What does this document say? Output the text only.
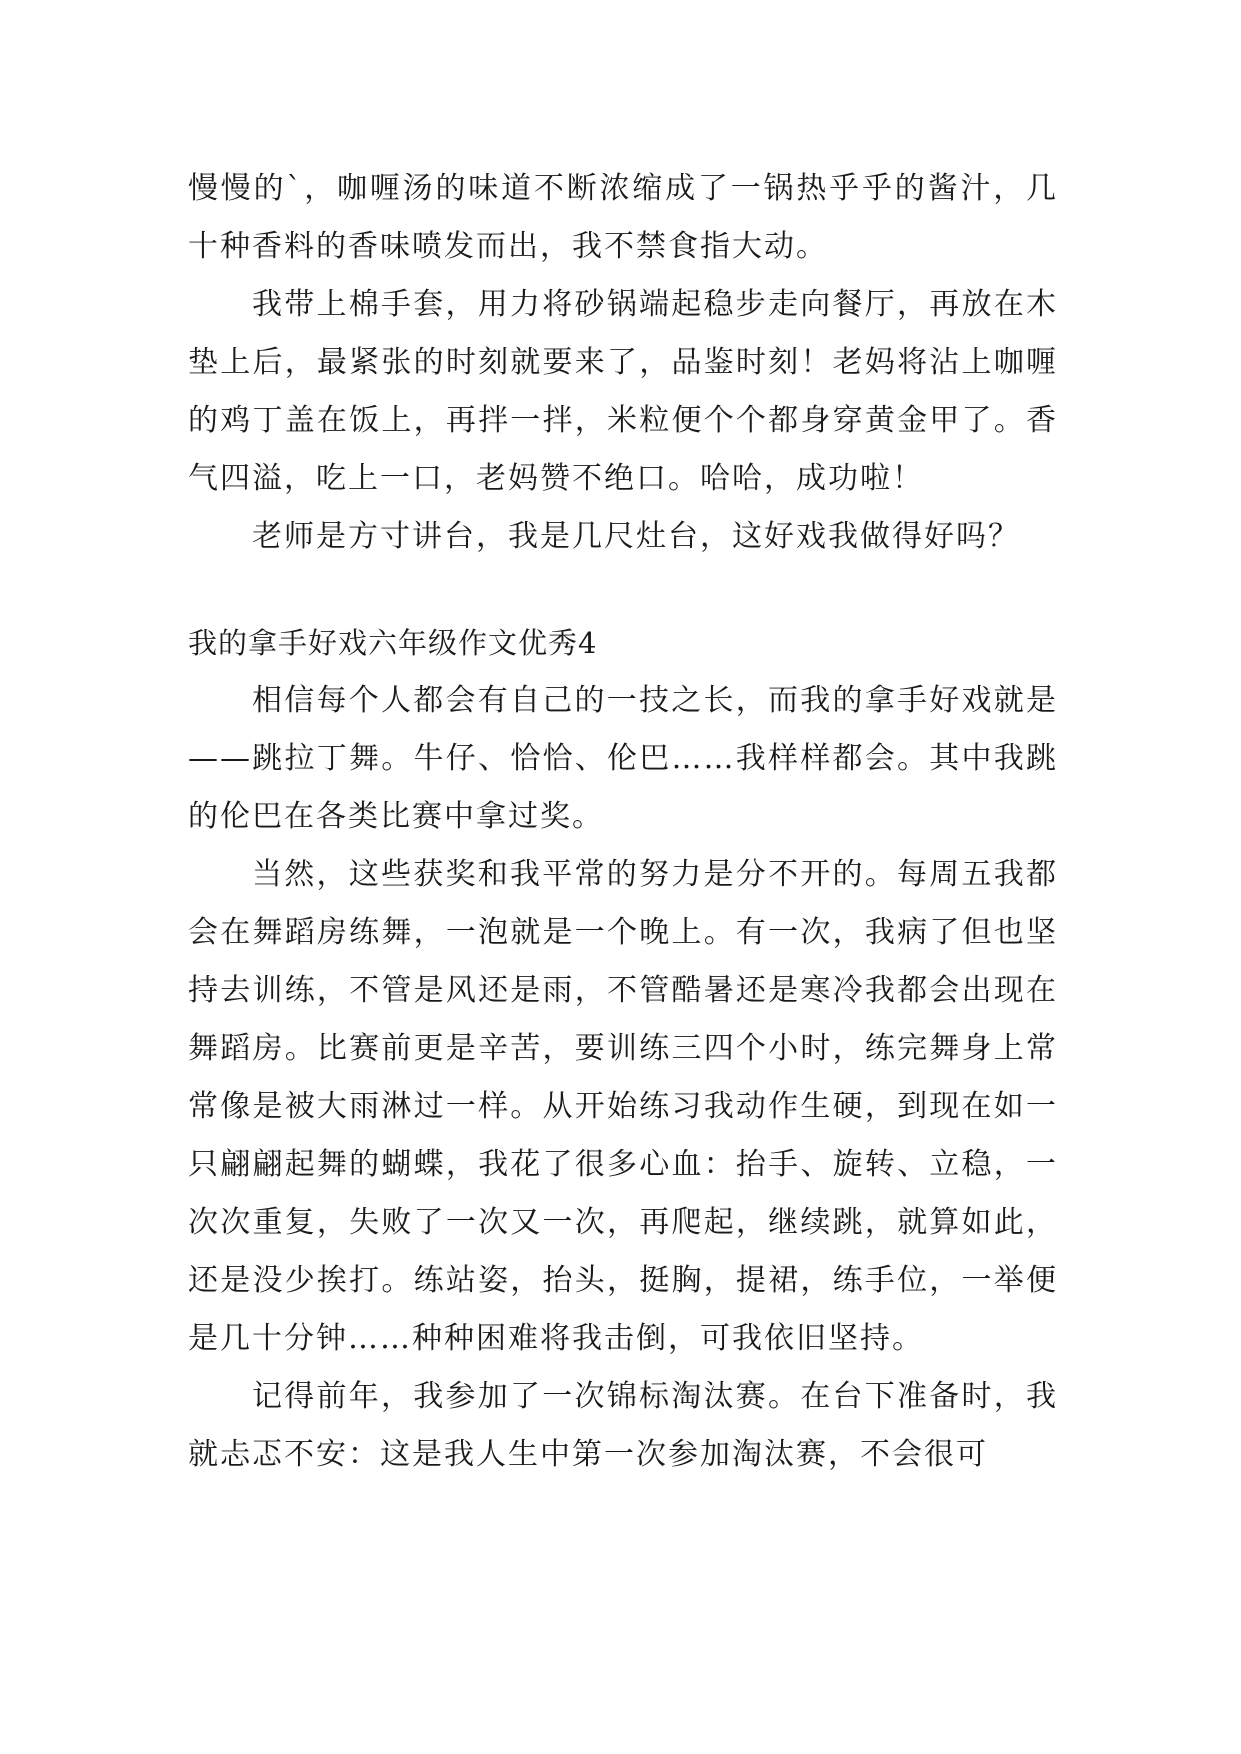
慢慢的`，咖喱汤的味道不断浓缩成了一锅热乎乎的酱汁，几十种香料的香味喷发而出，我不禁食指大动。

我带上棉手套，用力将砂锅端起稳步走向餐厅，再放在木垫上后，最紧张的时刻就要来了，品鉴时刻！老妈将沾上咖喱的鸡丁盖在饭上，再拌一拌，米粒便个个都身穿黄金甲了。香气四溢，吃上一口，老妈赞不绝口。哈哈，成功啦！

老师是方寸讲台，我是几尺灶台，这好戏我做得好吗？

我的拿手好戏六年级作文优秀4

相信每个人都会有自己的一技之长，而我的拿手好戏就是——跳拉丁舞。牛仔、恰恰、伦巴……我样样都会。其中我跳的伦巴在各类比赛中拿过奖。

当然，这些获奖和我平常的努力是分不开的。每周五我都会在舞蹈房练舞，一泡就是一个晚上。有一次，我病了但也坚持去训练，不管是风还是雨，不管酷暑还是寒冷我都会出现在舞蹈房。比赛前更是辛苦，要训练三四个小时，练完舞身上常常像是被大雨淋过一样。从开始练习我动作生硬，到现在如一只翩翩起舞的蝴蝶，我花了很多心血：抬手、旋转、立稳，一次次重复，失败了一次又一次，再爬起，继续跳，就算如此，还是没少挨打。练站姿，抬头，挺胸，提裙，练手位，一举便是几十分钟……种种困难将我击倒，可我依旧坚持。

记得前年，我参加了一次锦标淘汰赛。在台下准备时，我就忐忑不安：这是我人生中第一次参加淘汰赛，不会很可
